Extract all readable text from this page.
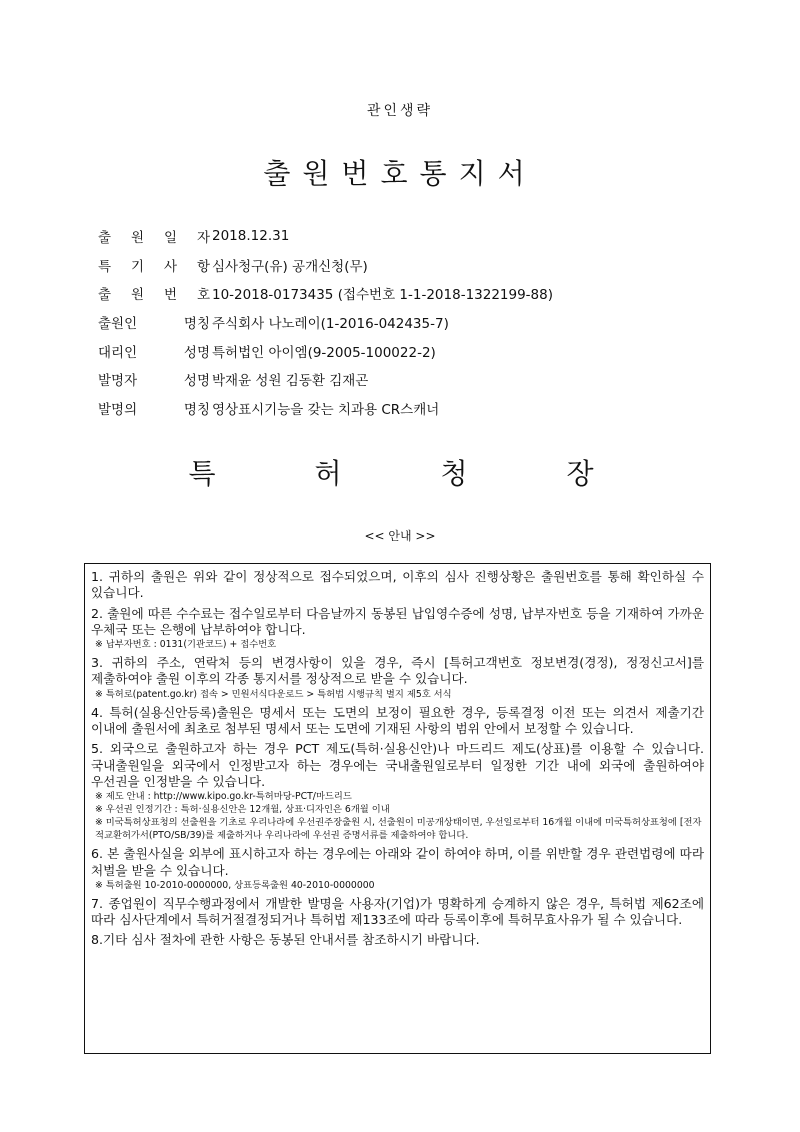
관인생략
출원번호통지서
출 원 일 자 2018.12.31
특 기 사 항 심사청구(유) 공개신청(무)
출 원 번 호 10-2018-0173435 (접수번호 1-1-2018-1322199-88)
출원인	명칭 주식회사 나노레이(1-2016-042435-7)
대리인	성명 특허법인 아이엠(9-2005-100022-2)
발명자	성명 박재윤 성원 김동환 김재곤
발명의	명칭 영상표시기능을 갖는 치과용 CR스캐너
특	허	청	장
<< 안내 >>
1. 귀하의 출원은 위와 같이 정상적으로 접수되었으며, 이후의 심사 진행상황은 출원번호를 통해 확인하실 수 있습니다.
2. 출원에 따른 수수료는 접수일로부터 다음날까지 동봉된 납입영수증에 성명, 납부자번호 등을 기재하여 가까운 우체국 또는 은행에 납부하여야 합니다.
※ 납부자번호 : 0131(기관코드) + 접수번호
3. 귀하의 주소, 연락처 등의 변경사항이 있을 경우, 즉시 [특허고객번호 정보변경(경정), 정정신고서]를 제출하여야 출원 이후의 각종 통지서를 정상적으로 받을 수 있습니다.
※ 특허로(patent.go.kr) 접속 > 민원서식다운로드 > 특허법 시행규칙 별지 제5호 서식
4. 특허(실용신안등록)출원은 명세서 또는 도면의 보정이 필요한 경우, 등록결정 이전 또는 의견서 제출기간 이내에 출원서에 최초로 첨부된 명세서 또는 도면에 기재된 사항의 범위 안에서 보정할 수 있습니다.
5. 외국으로 출원하고자 하는 경우 PCT 제도(특허·실용신안)나 마드리드 제도(상표)를 이용할 수 있습니다. 국내출원일을 외국에서 인정받고자 하는 경우에는 국내출원일로부터 일정한 기간 내에 외국에 출원하여야 우선권을 인정받을 수 있습니다.
※ 제도 안내 : http://www.kipo.go.kr-특허마당-PCT/마드리드
※ 우선권 인정기간 : 특허·실용신안은 12개월, 상표·디자인은 6개월 이내
※ 미국특허상표청의 선출원을 기초로 우리나라에 우선권주장출원 시, 선출원이 미공개상태이면, 우선일로부터 16개월 이내에 미국특허상표청에 [전자적교환허가서(PTO/SB/39)를 제출하거나 우리나라에 우선권 증명서류를 제출하여야 합니다.
6. 본 출원사실을 외부에 표시하고자 하는 경우에는 아래와 같이 하여야 하며, 이를 위반할 경우 관련법령에 따라 처벌을 받을 수 있습니다.
※ 특허출원 10-2010-0000000, 상표등록출원 40-2010-0000000
7. 종업원이 직무수행과정에서 개발한 발명을 사용자(기업)가 명확하게 승계하지 않은 경우, 특허법 제62조에 따라 심사단계에서 특허거절결정되거나 특허법 제133조에 따라 등록이후에 특허무효사유가 될 수 있습니다.
8.기타 심사 절차에 관한 사항은 동봉된 안내서를 참조하시기 바랍니다.
